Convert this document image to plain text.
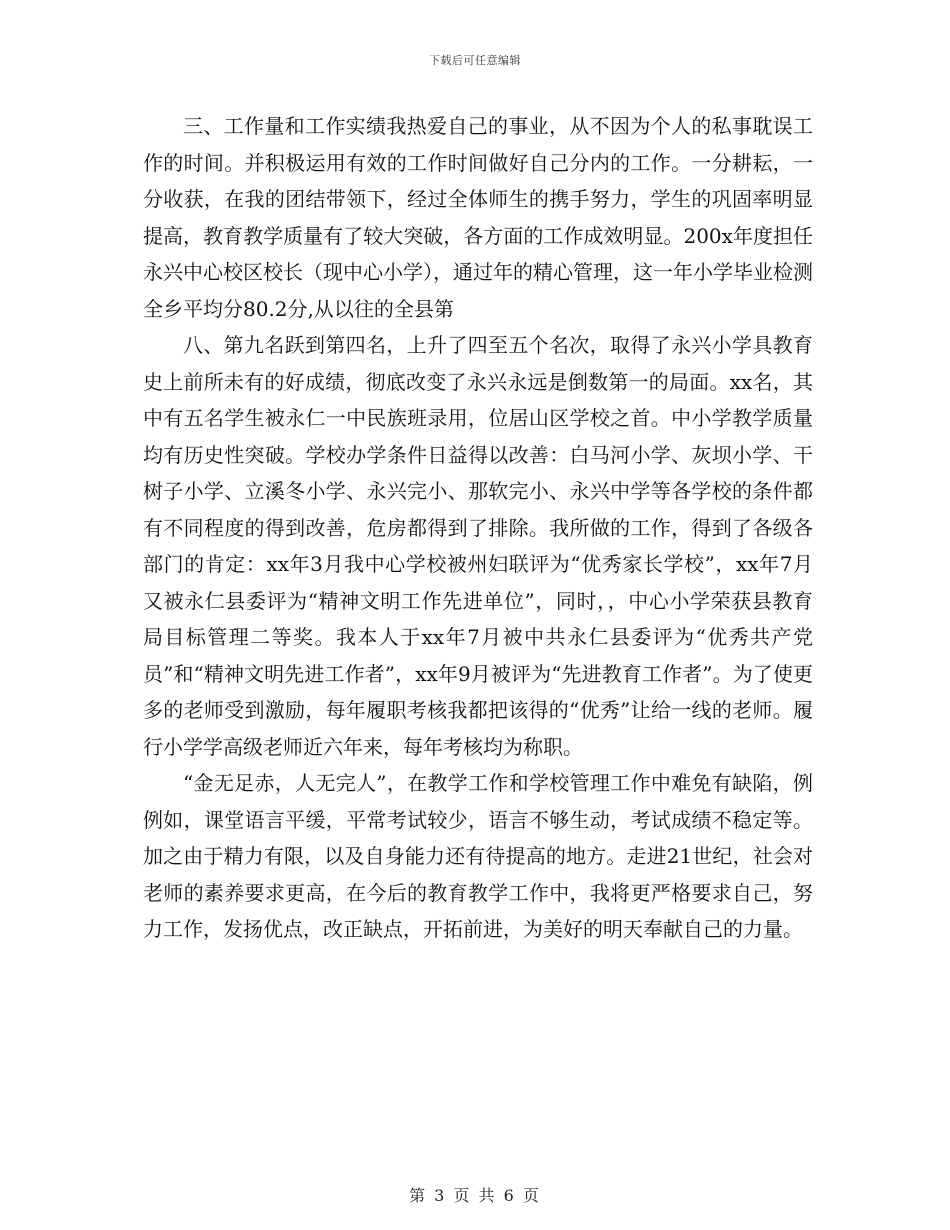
下载后可任意编辑

三、工作量和工作实绩我热爱自己的事业，从不因为个人的私事耽误工作的时间。并积极运用有效的工作时间做好自己分内的工作。一分耕耘，一分收获，在我的团结带领下，经过全体师生的携手努力，学生的巩固率明显提高，教育教学质量有了较大突破，各方面的工作成效明显。200x年度担任永兴中心校区校长（现中心小学），通过年的精心管理，这一年小学毕业检测全乡平均分80.2分,从以往的全县第

八、第九名跃到第四名，上升了四至五个名次，取得了永兴小学具教育史上前所未有的好成绩，彻底改变了永兴永远是倒数第一的局面。xx名，其中有五名学生被永仁一中民族班录用，位居山区学校之首。中小学教学质量均有历史性突破。学校办学条件日益得以改善：白马河小学、灰坝小学、干树子小学、立溪冬小学、永兴完小、那软完小、永兴中学等各学校的条件都有不同程度的得到改善，危房都得到了排除。我所做的工作，得到了各级各部门的肯定：xx年3月我中心学校被州妇联评为“优秀家长学校”，xx年7月又被永仁县委评为“精神文明工作先进单位”，同时，，中心小学荣获县教育局目标管理二等奖。我本人于xx年7月被中共永仁县委评为“优秀共产党员”和“精神文明先进工作者”，xx年9月被评为“先进教育工作者”。为了使更多的老师受到激励，每年履职考核我都把该得的“优秀”让给一线的老师。履行小学学高级老师近六年来，每年考核均为称职。

“金无足赤，人无完人”，在教学工作和学校管理工作中难免有缺陷，例 例如，课堂语言平缓，平常考试较少，语言不够生动，考试成绩不稳定等。加之由于精力有限，以及自身能力还有待提高的地方。走进21世纪，社会对老师的素养要求更高，在今后的教育教学工作中，我将更严格要求自己，努力工作，发扬优点，改正缺点，开拓前进，为美好的明天奉献自己的力量。

第 3 页 共 6 页
